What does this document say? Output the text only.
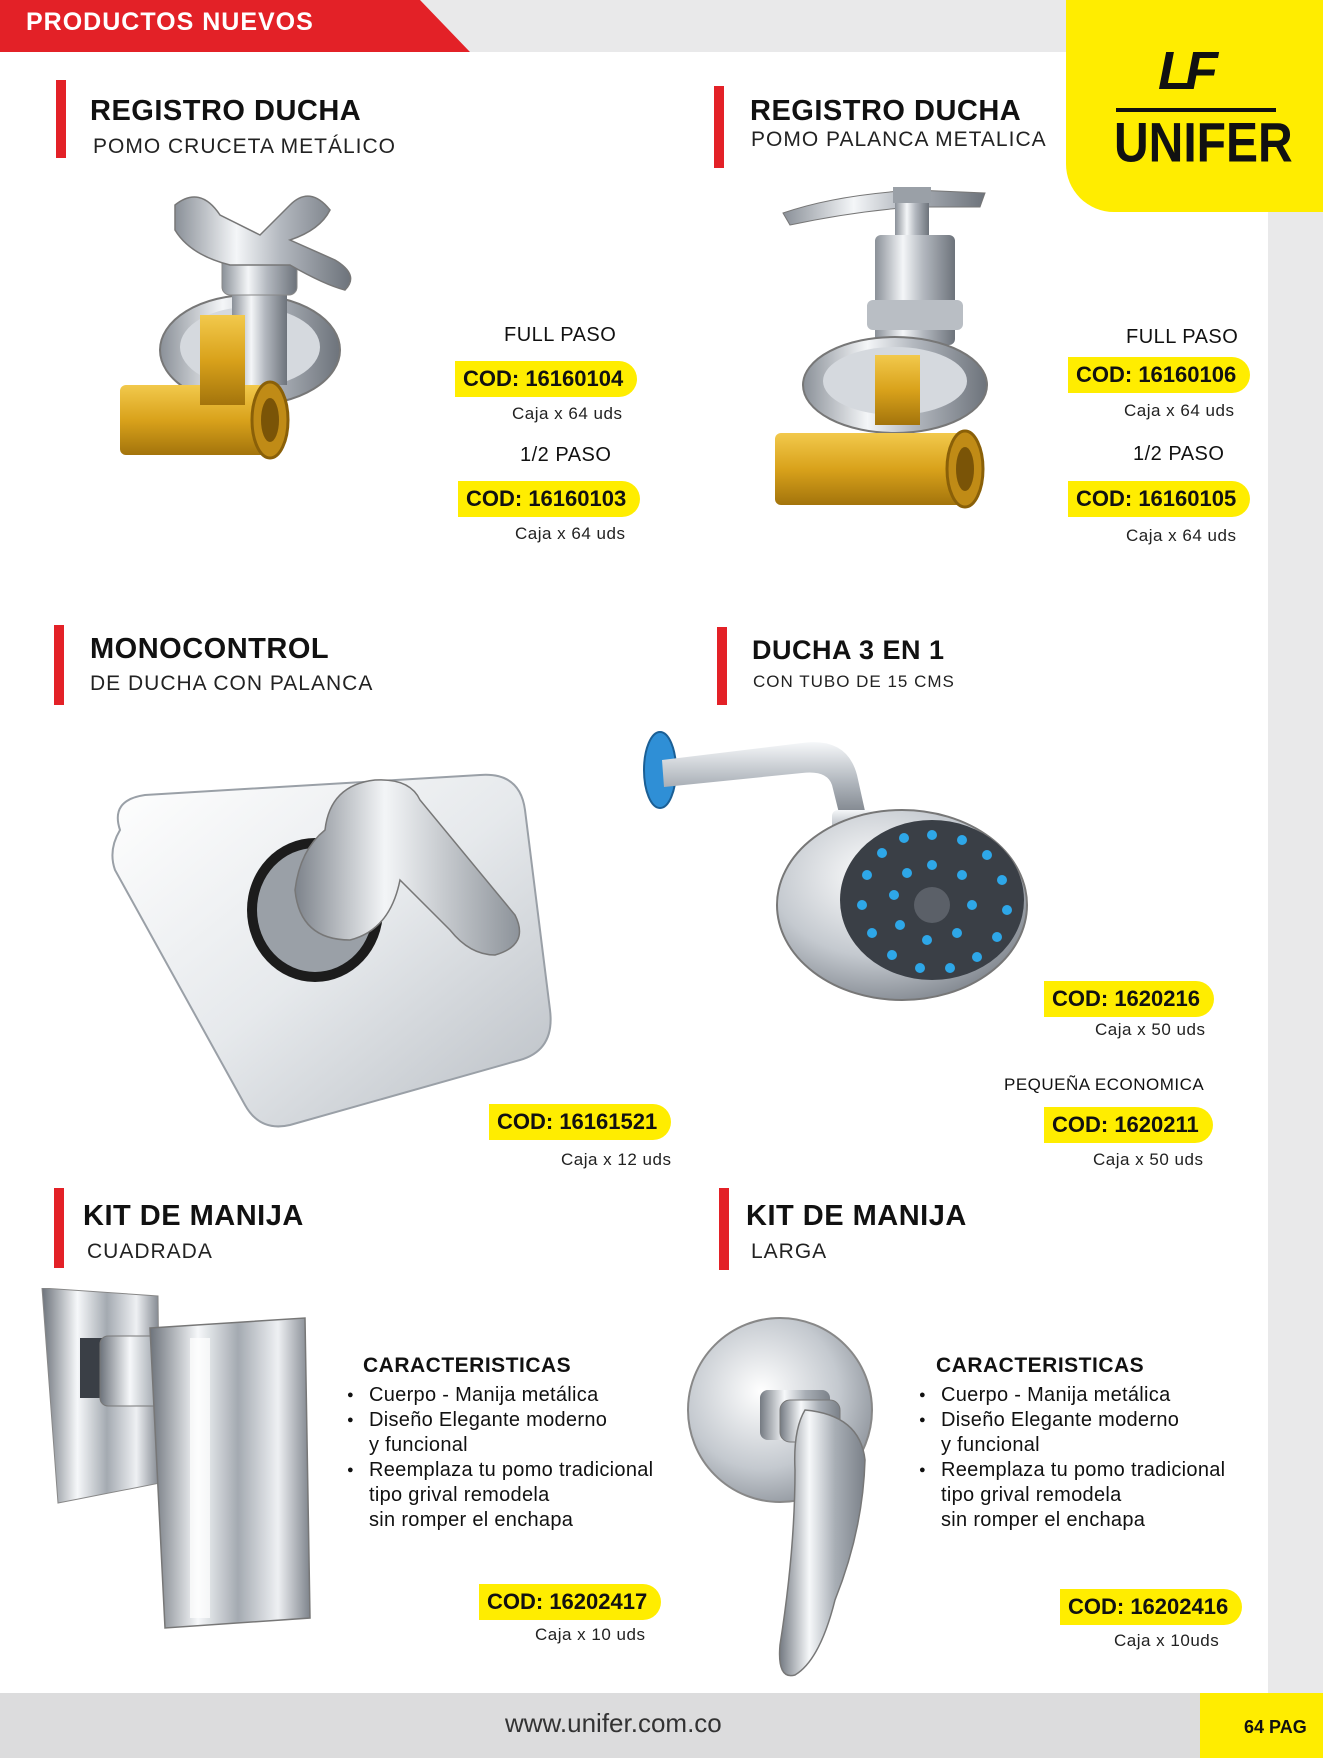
PRODUCTOS NUEVOS
LF
UNIFER
REGISTRO DUCHA
POMO CRUCETA METÁLICO
FULL PASO
COD: 16160104
Caja x 64 uds
1/2 PASO
COD: 16160103
Caja x 64 uds
REGISTRO DUCHA
POMO PALANCA METALICA
FULL PASO
COD: 16160106
Caja x 64 uds
1/2 PASO
COD: 16160105
Caja x 64 uds
MONOCONTROL
DE DUCHA CON PALANCA
COD: 16161521
Caja x 12 uds
DUCHA 3 EN 1
CON TUBO DE 15 CMS
COD: 1620216
Caja x 50 uds
PEQUEÑA ECONOMICA
COD: 1620211
Caja x 50 uds
KIT DE MANIJA
CUADRADA
CARACTERISTICAS
● Cuerpo - Manija metálica
● Diseño Elegante moderno
y funcional
● Reemplaza tu pomo tradicional
tipo grival remodela
sin romper el enchapa
COD: 16202417
Caja x 10 uds
KIT DE MANIJA
LARGA
CARACTERISTICAS
● Cuerpo - Manija metálica
● Diseño Elegante moderno
y funcional
● Reemplaza tu pomo tradicional
tipo grival remodela
sin romper el enchapa
COD: 16202416
Caja x 10uds
www.unifer.com.co	64 PAG
